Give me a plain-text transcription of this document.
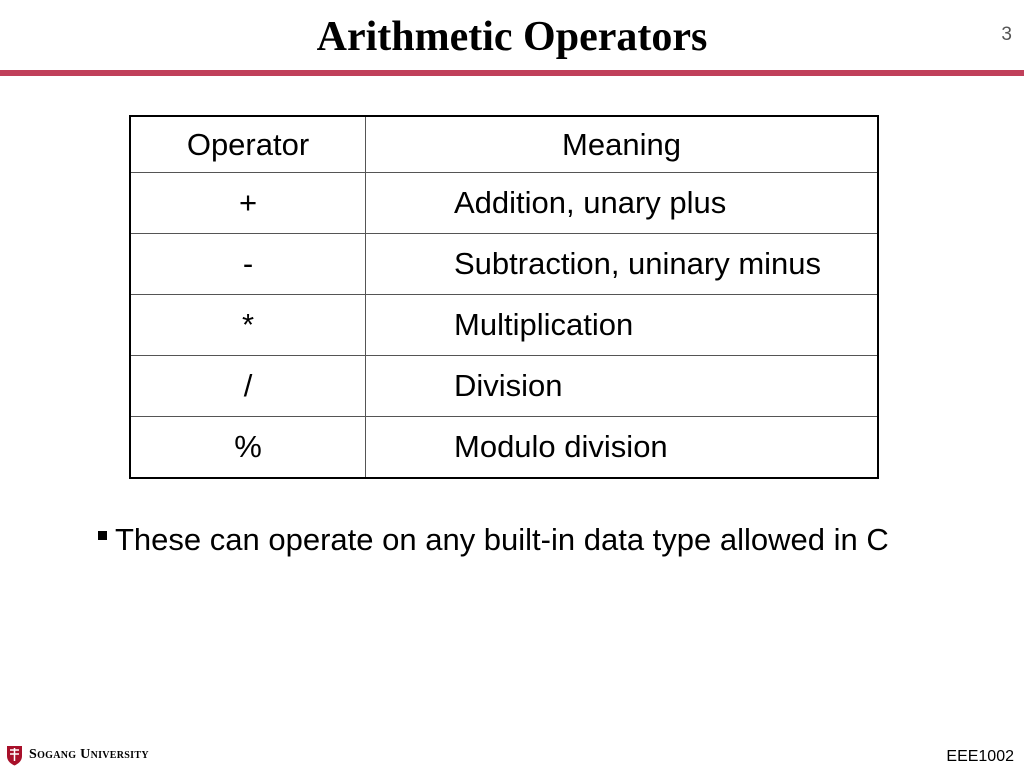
Arithmetic Operators	3
Operator	Meaning
+	Addition, unary plus
-	Subtraction, uninary minus
*	Multiplication
/	Division
%	Modulo division
These can operate on any built-in data type allowed in C
Sogang University	EEE1002
